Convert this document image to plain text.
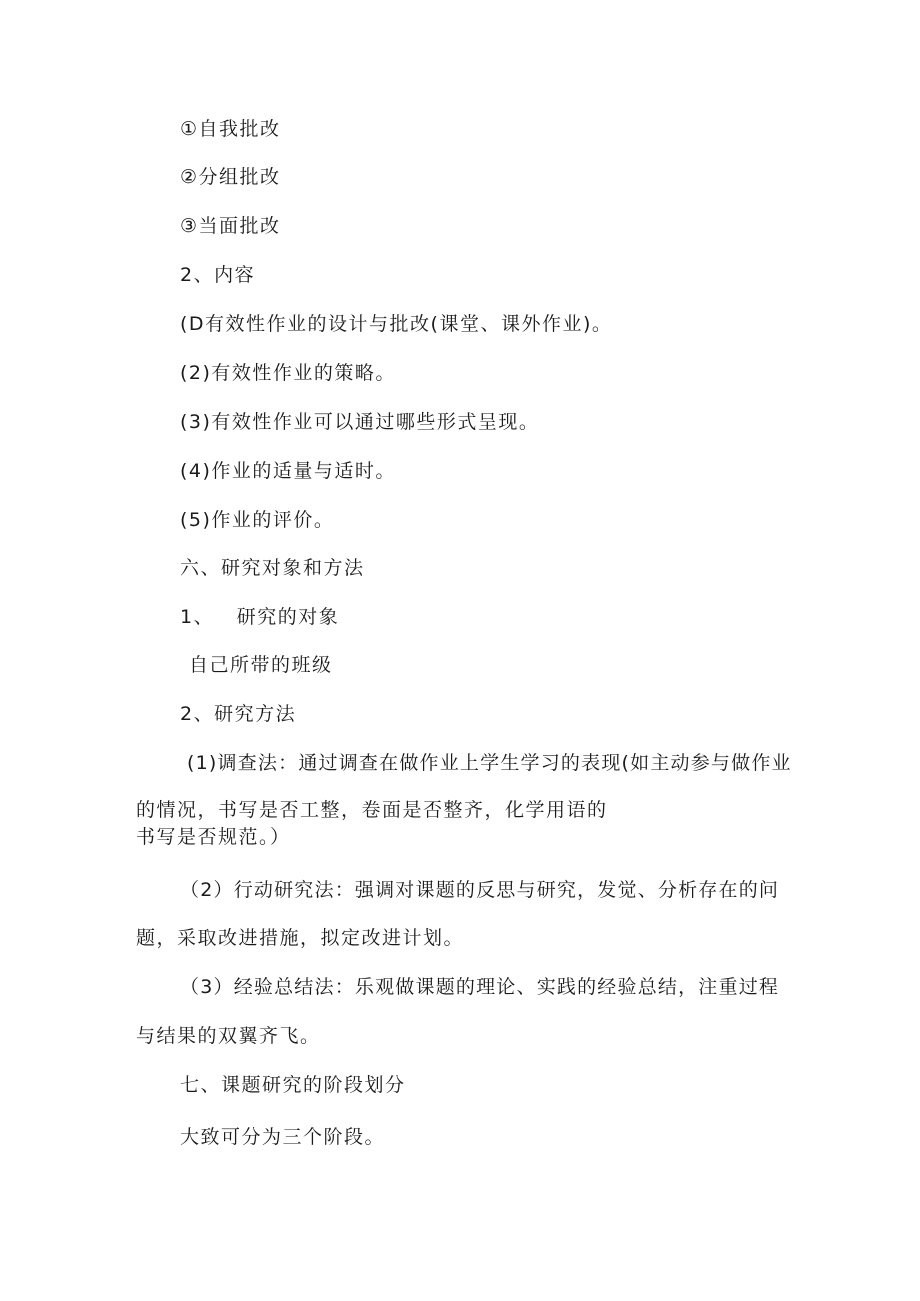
①自我批改

②分组批改

③当面批改

2、内容

(D有效性作业的设计与批改(课堂、课外作业)。

(2)有效性作业的策略。

(3)有效性作业可以通过哪些形式呈现。

(4)作业的适量与适时。

(5)作业的评价。

六、研究对象和方法

1、   研究的对象

自己所带的班级

2、研究方法

(1)调查法：通过调查在做作业上学生学习的表现(如主动参与做作业

的情况，书写是否工整，卷面是否整齐，化学用语的

书写是否规范。）

（2）行动研究法：强调对课题的反思与研究，发觉、分析存在的问

题，采取改进措施，拟定改进计划。

（3）经验总结法：乐观做课题的理论、实践的经验总结，注重过程

与结果的双翼齐飞。

七、课题研究的阶段划分

大致可分为三个阶段。
